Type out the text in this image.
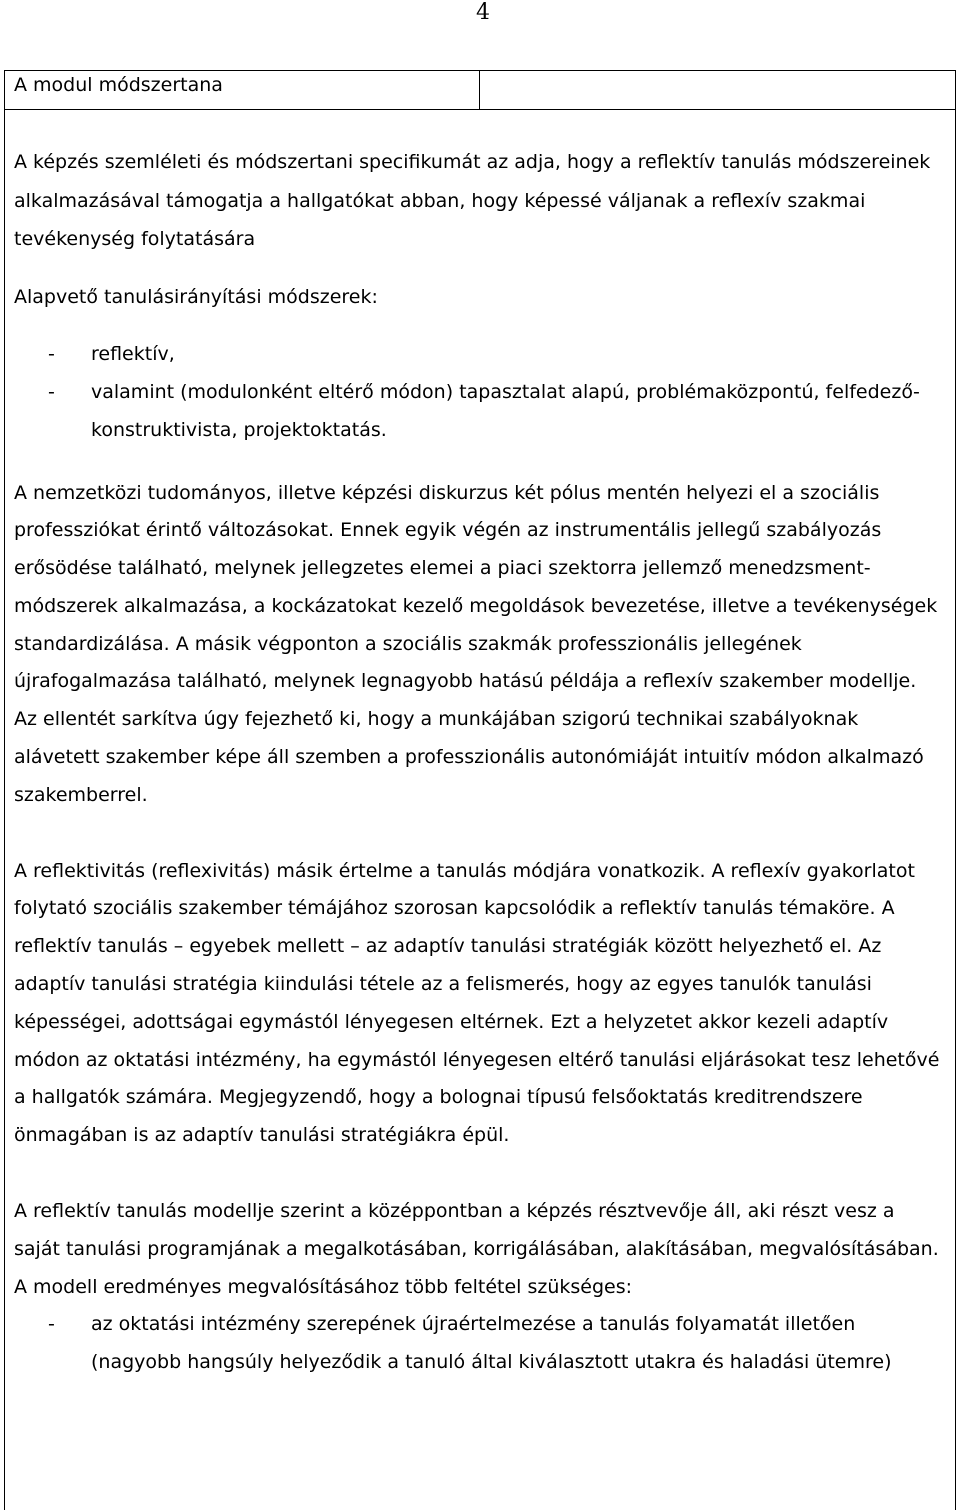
4
A modul módszertana

A képzés szemléleti és módszertani specifikumát az adja, hogy a reflektív tanulás módszereinek alkalmazásával támogatja a hallgatókat abban, hogy képessé váljanak a reflexív szakmai tevékenység folytatására

Alapvető tanulásirányítási módszerek:

- reflektív,
- valamint (modulonként eltérő módon) tapasztalat alapú, problémaközpontú, felfedező-konstruktivista, projektoktatás.

A nemzetközi tudományos, illetve képzési diskurzus két pólus mentén helyezi el a szociális professziókat érintő változásokat. Ennek egyik végén az instrumentális jellegű szabályozás erősödése található, melynek jellegzetes elemei a piaci szektorra jellemző menedzsment-módszerek alkalmazása, a kockázatokat kezelő megoldások bevezetése, illetve a tevékenységek standardizálása. A másik végponton a szociális szakmák professzionális jellegének újrafogalmazása található, melynek legnagyobb hatású példája a reflexív szakember modellje. Az ellentét sarkítva úgy fejezhető ki, hogy a munkájában szigorú technikai szabályoknak alávetett szakember képe áll szemben a professzionális autonómiáját intuitív módon alkalmazó szakemberrel.

A reflektivitás (reflexivitás) másik értelme a tanulás módjára vonatkozik. A reflexív gyakorlatot folytató szociális szakember témájához szorosan kapcsolódik a reflektív tanulás témaköre. A reflektív tanulás – egyebek mellett – az adaptív tanulási stratégiák között helyezhető el. Az adaptív tanulási stratégia kiindulási tétele az a felismerés, hogy az egyes tanulók tanulási képességei, adottságai egymástól lényegesen eltérnek. Ezt a helyzetet akkor kezeli adaptív módon az oktatási intézmény, ha egymástól lényegesen eltérő tanulási eljárásokat tesz lehetővé a hallgatók számára. Megjegyzendő, hogy a bolognai típusú felsőoktatás kreditrendszere önmagában is az adaptív tanulási stratégiákra épül.

A reflektív tanulás modellje szerint a középpontban a képzés résztvevője áll, aki részt vesz a saját tanulási programjának a megalkotásában, korrigálásában, alakításában, megvalósításában. A modell eredményes megvalósításához több feltétel szükséges:

- az oktatási intézmény szerepének újraértelmezése a tanulás folyamatát illetően (nagyobb hangsúly helyeződik a tanuló által kiválasztott utakra és haladási ütemre)
